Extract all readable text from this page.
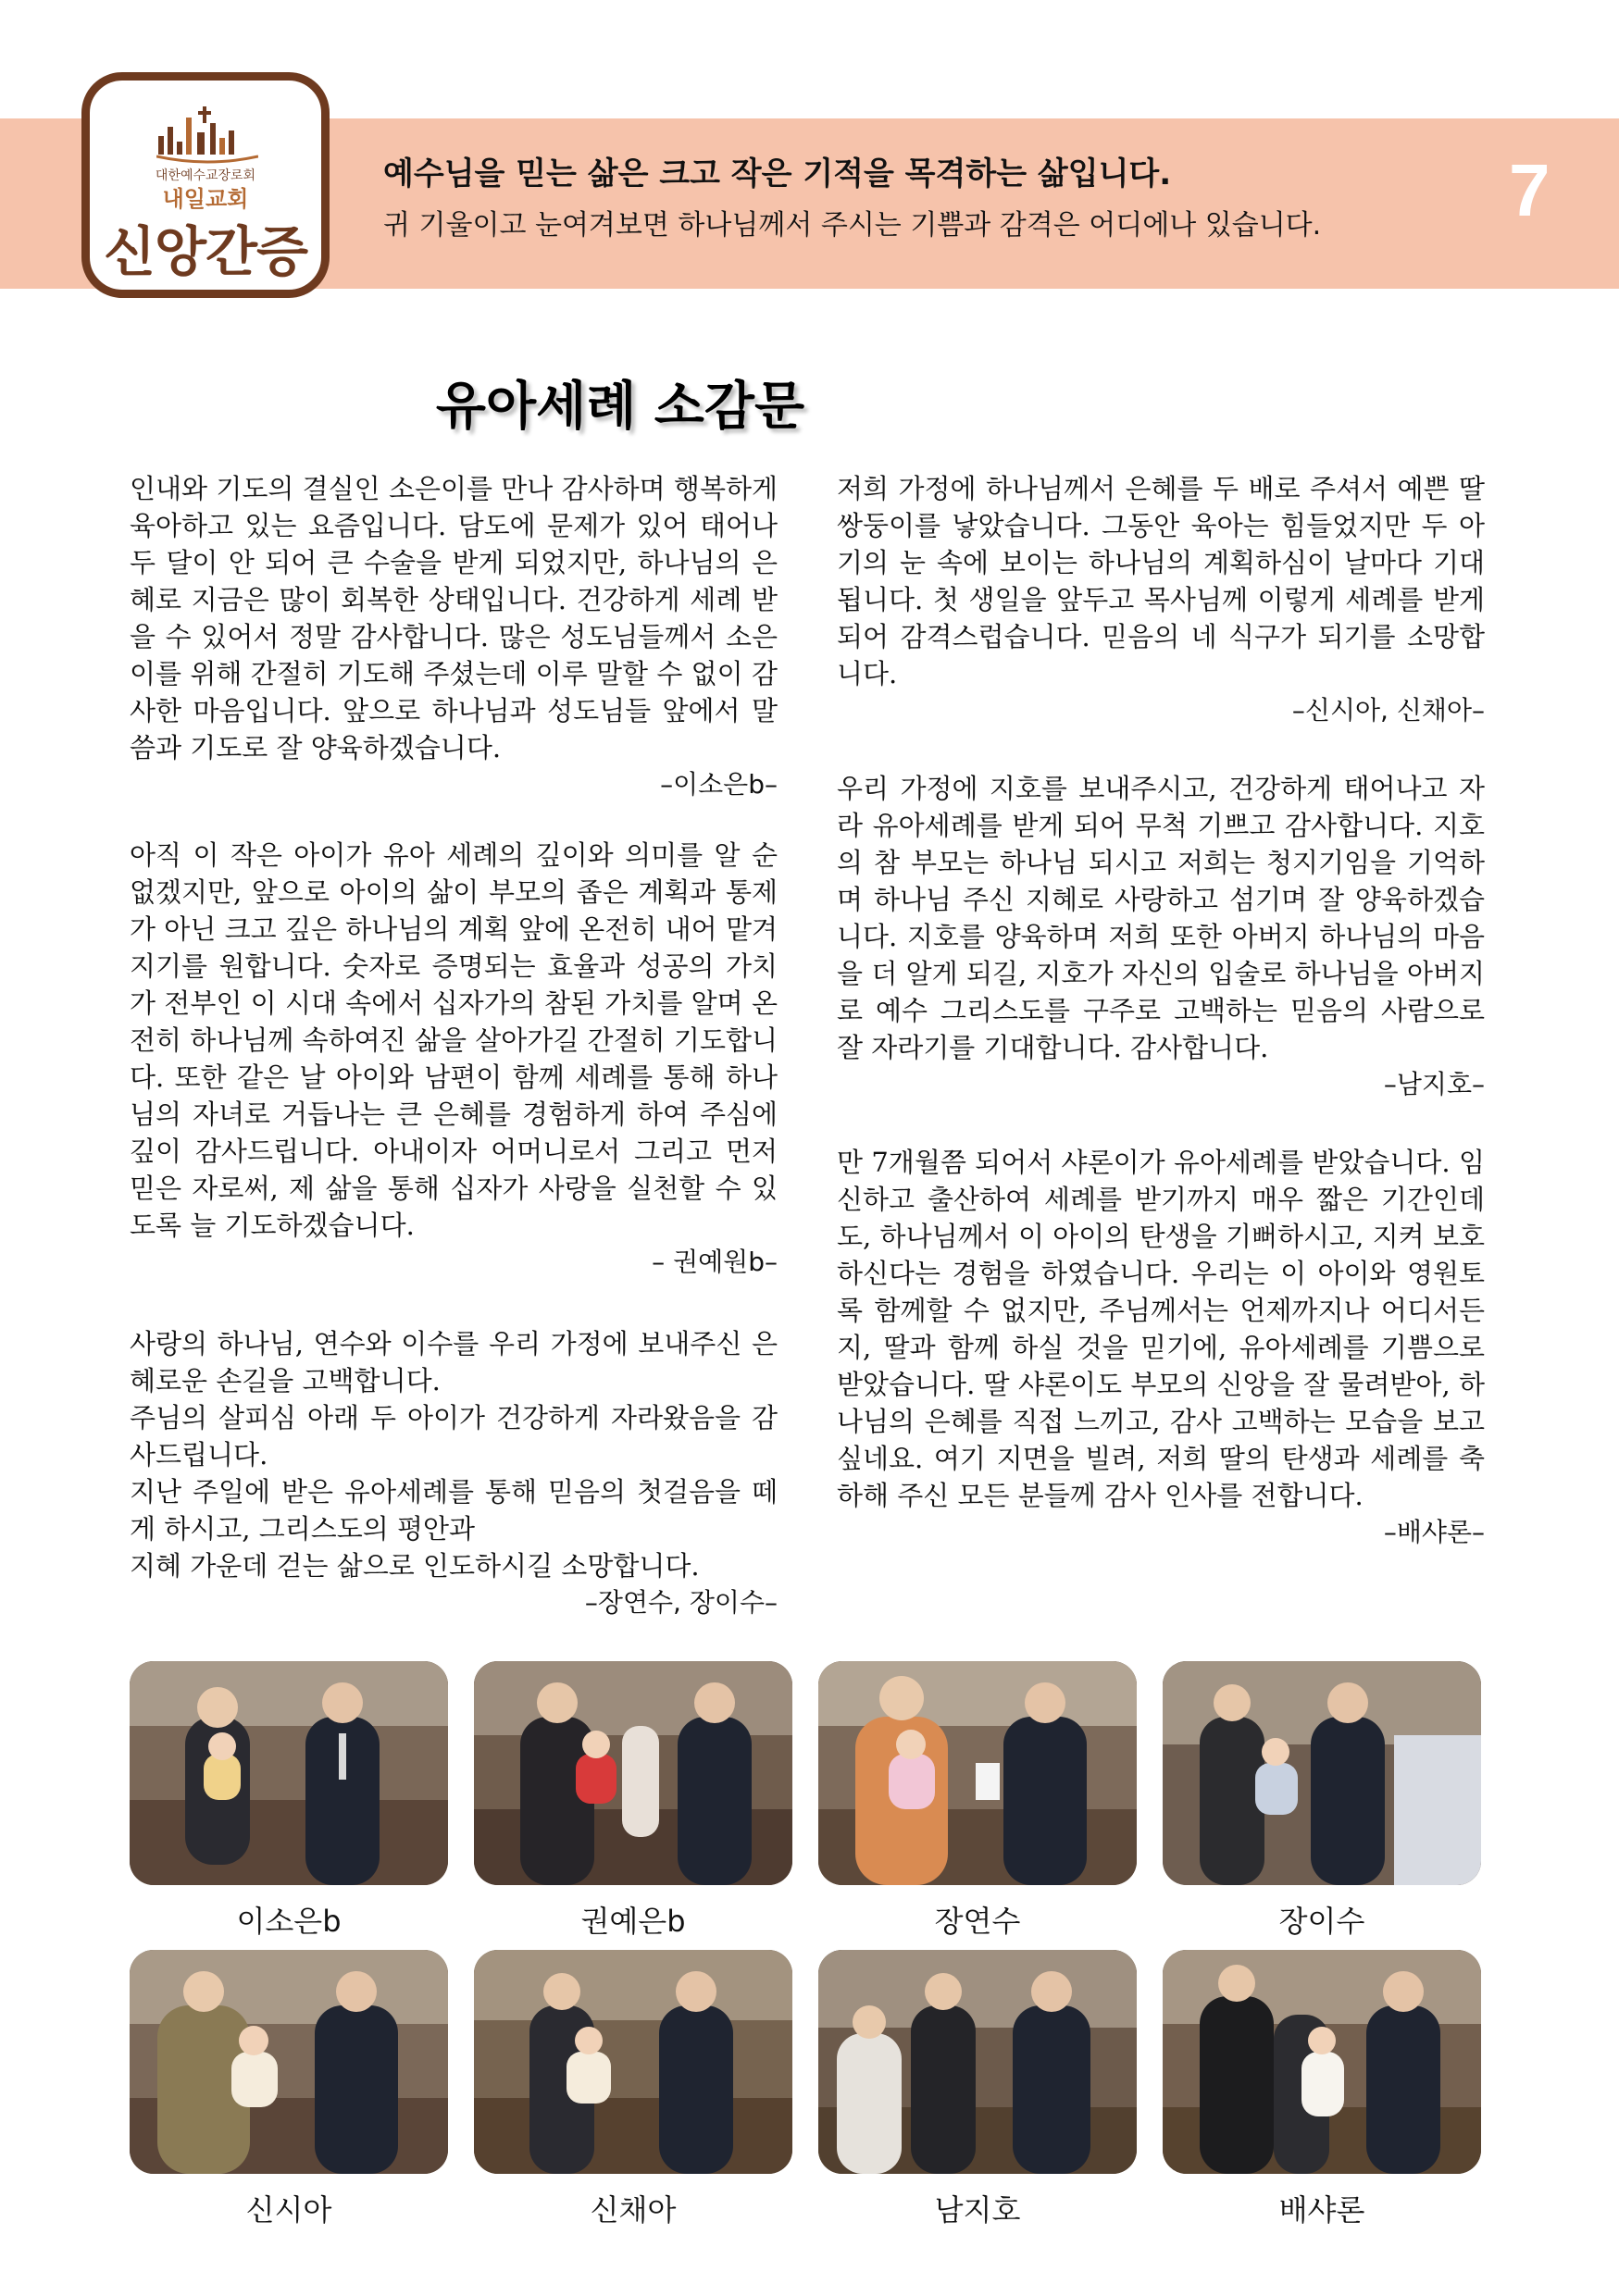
대한예수교장로회
내일교회
신앙간증
예수님을 믿는 삶은 크고 작은 기적을 목격하는 삶입니다.
귀 기울이고 눈여겨보면 하나님께서 주시는 기쁨과 감격은 어디에나 있습니다.	7
유아세례 소감문

인내와 기도의 결실인 소은이를 만나 감사하며 행복하게 육아하고 있는 요즘입니다. 담도에 문제가 있어 태어나 두 달이 안 되어 큰 수술을 받게 되었지만, 하나님의 은혜로 지금은 많이 회복한 상태입니다. 건강하게 세례 받을 수 있어서 정말 감사합니다. 많은 성도님들께서 소은이를 위해 간절히 기도해 주셨는데 이루 말할 수 없이 감사한 마음입니다. 앞으로 하나님과 성도님들 앞에서 말씀과 기도로 잘 양육하겠습니다.

–이소은b–

아직 이 작은 아이가 유아 세례의 깊이와 의미를 알 순 없겠지만, 앞으로 아이의 삶이 부모의 좁은 계획과 통제가 아닌 크고 깊은 하나님의 계획 앞에 온전히 내어 맡겨지기를 원합니다. 숫자로 증명되는 효율과 성공의 가치가 전부인 이 시대 속에서 십자가의 참된 가치를 알며 온전히 하나님께 속하여진 삶을 살아가길 간절히 기도합니다. 또한 같은 날 아이와 남편이 함께 세례를 통해 하나님의 자녀로 거듭나는 큰 은혜를 경험하게 하여 주심에 깊이 감사드립니다. 아내이자 어머니로서 그리고 먼저 믿은 자로써, 제 삶을 통해 십자가 사랑을 실천할 수 있도록 늘 기도하겠습니다.

– 권예원b–

사랑의 하나님, 연수와 이수를 우리 가정에 보내주신 은혜로운 손길을 고백합니다.
주님의 살피심 아래 두 아이가 건강하게 자라왔음을 감사드립니다.
지난 주일에 받은 유아세례를 통해 믿음의 첫걸음을 떼게 하시고, 그리스도의 평안과
지혜 가운데 걷는 삶으로 인도하시길 소망합니다.

–장연수, 장이수–

저희 가정에 하나님께서 은혜를 두 배로 주셔서 예쁜 딸 쌍둥이를 낳았습니다. 그동안 육아는 힘들었지만 두 아기의 눈 속에 보이는 하나님의 계획하심이 날마다 기대됩니다. 첫 생일을 앞두고 목사님께 이렇게 세례를 받게 되어 감격스럽습니다. 믿음의 네 식구가 되기를 소망합니다.

–신시아, 신채아–

우리 가정에 지호를 보내주시고, 건강하게 태어나고 자라 유아세례를 받게 되어 무척 기쁘고 감사합니다. 지호의 참 부모는 하나님 되시고 저희는 청지기임을 기억하며 하나님 주신 지혜로 사랑하고 섬기며 잘 양육하겠습니다. 지호를 양육하며 저희 또한 아버지 하나님의 마음을 더 알게 되길, 지호가 자신의 입술로 하나님을 아버지로 예수 그리스도를 구주로 고백하는 믿음의 사람으로 잘 자라기를 기대합니다. 감사합니다.

–남지호–

만 7개월쯤 되어서 샤론이가 유아세례를 받았습니다. 임신하고 출산하여 세례를 받기까지 매우 짧은 기간인데도, 하나님께서 이 아이의 탄생을 기뻐하시고, 지켜 보호하신다는 경험을 하였습니다. 우리는 이 아이와 영원토록 함께할 수 없지만, 주님께서는 언제까지나 어디서든지, 딸과 함께 하실 것을 믿기에, 유아세례를 기쁨으로 받았습니다. 딸 샤론이도 부모의 신앙을 잘 물려받아, 하나님의 은혜를 직접 느끼고, 감사 고백하는 모습을 보고 싶네요. 여기 지면을 빌려, 저희 딸의 탄생과 세례를 축하해 주신 모든 분들께 감사 인사를 전합니다.

–배샤론–

이소은b	권예은b	장연수	장이수
신시아	신채아	남지호	배샤론
